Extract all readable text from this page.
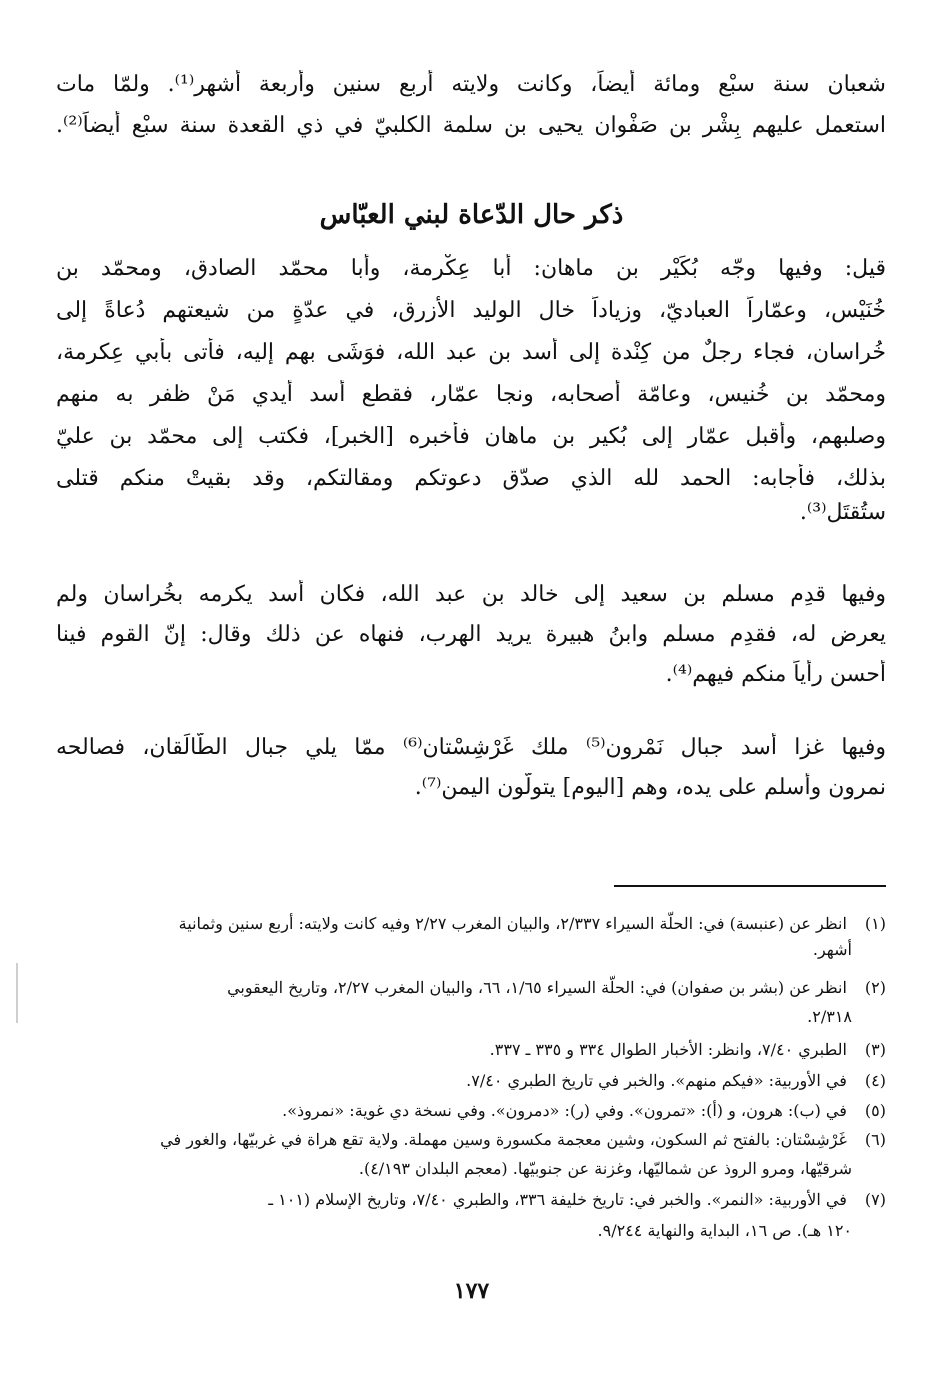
شعبان سنة سبْع ومائة أيضاً، وكانت ولايته أربع سنين وأربعة أشهر⁽¹⁾. ولمّا مات
استعمل عليهم بِشْر بن صَفْوان يحيى بن سلمة الكلبيّ في ذي القعدة سنة سبْع أيضاً⁽²⁾.
ذكر حال الدّعاة لبني العبّاس
قيل: وفيها وجّه بُكَيْر بن ماهان: أبا عِكْرمة، وأبا محمّد الصادق، ومحمّد بن
خُنَيْس، وعمّاراً العباديّ، وزياداً خال الوليد الأزرق، في عدّةٍ من شيعتهم دُعاةً إلى
خُراسان، فجاء رجلٌ من كِنْدة إلى أسد بن عبد الله، فوَشَى بهم إليه، فأتى بأبي عِكرمة،
ومحمّد بن خُنيس، وعامّة أصحابه، ونجا عمّار، فقطع أسد أيدي مَنْ ظفر به منهم
وصلبهم، وأقبل عمّار إلى بُكير بن ماهان فأخبره [الخبر]، فكتب إلى محمّد بن عليّ
بذلك، فأجابه: الحمد لله الذي صدّق دعوتكم ومقالتكم، وقد بقيتْ منكم قتلى
ستُقتَل⁽³⁾.
وفيها قدِم مسلم بن سعيد إلى خالد بن عبد الله، فكان أسد يكرمه بخُراسان ولم
يعرض له، فقدِم مسلم وابنُ هبيرة يريد الهرب، فنهاه عن ذلك وقال: إنّ القوم فينا
أحسن رأياً منكم فيهم⁽⁴⁾.
وفيها غزا أسد جبال نَمْرون⁽⁵⁾ ملك غَرْشِسْتان⁽⁶⁾ ممّا يلي جبال الطّالَقان، فصالحه
نمرون وأسلم على يده، وهم [اليوم] يتولّون اليمن⁽⁷⁾.
(١) انظر عن (عنبسة) في: الحلّة السيراء ٢/٣٣٧، والبيان المغرب ٢/٢٧ وفيه كانت ولايته: أربع سنين وثمانية
أشهر.
(٢) انظر عن (بشر بن صفوان) في: الحلّة السيراء ١/٦٥، ٦٦، والبيان المغرب ٢/٢٧، وتاريخ اليعقوبي
٢/٣١٨.
(٣) الطبري ٧/٤٠، وانظر: الأخبار الطوال ٣٣٤ و ٣٣٥ ـ ٣٣٧.
(٤) في الأوربية: «فيكم منهم». والخبر في تاريخ الطبري ٧/٤٠.
(٥) في (ب): هرون، و (أ): «تمرون». وفي (ر): «دمرون». وفي نسخة دي غوية: «نمروذ».
(٦) غَرْشِسْتان: بالفتح ثم السكون، وشين معجمة مكسورة وسين مهملة. ولاية تقع هراة في غربيّها، والغور في
شرقيّها، ومرو الروذ عن شماليّها، وغزنة عن جنوبيّها. (معجم البلدان ٤/١٩٣).
(٧) في الأوربية: «النمر». والخبر في: تاريخ خليفة ٣٣٦، والطبري ٧/٤٠، وتاريخ الإسلام (١٠١ ـ
١٢٠ هـ). ص ١٦، البداية والنهاية ٩/٢٤٤.
١٧٧
